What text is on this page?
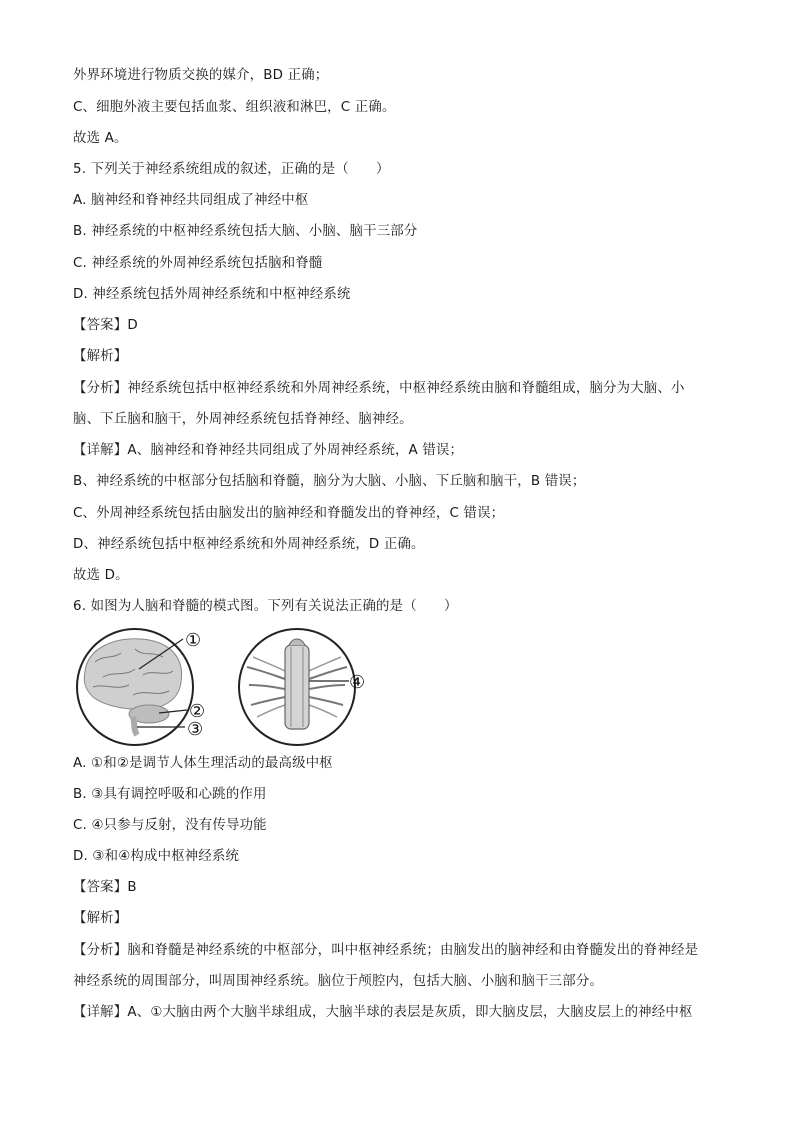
外界环境进行物质交换的媒介，BD 正确；
C、细胞外液主要包括血浆、组织液和淋巴，C 正确。
故选 A。
5. 下列关于神经系统组成的叙述，正确的是（　　）
A. 脑神经和脊神经共同组成了神经中枢
B. 神经系统的中枢神经系统包括大脑、小脑、脑干三部分
C. 神经系统的外周神经系统包括脑和脊髓
D. 神经系统包括外周神经系统和中枢神经系统
【答案】D
【解析】
【分析】神经系统包括中枢神经系统和外周神经系统，中枢神经系统由脑和脊髓组成，脑分为大脑、小
脑、下丘脑和脑干，外周神经系统包括脊神经、脑神经。
【详解】A、脑神经和脊神经共同组成了外周神经系统，A 错误；
B、神经系统的中枢部分包括脑和脊髓，脑分为大脑、小脑、下丘脑和脑干，B 错误；
C、外周神经系统包括由脑发出的脑神经和脊髓发出的脊神经，C 错误；
D、神经系统包括中枢神经系统和外周神经系统，D 正确。
故选 D。
6. 如图为人脑和脊髓的模式图。下列有关说法正确的是（　　）
①
②
③
④
A. ①和②是调节人体生理活动的最高级中枢
B. ③具有调控呼吸和心跳的作用
C. ④只参与反射，没有传导功能
D. ③和④构成中枢神经系统
【答案】B
【解析】
【分析】脑和脊髓是神经系统的中枢部分，叫中枢神经系统；由脑发出的脑神经和由脊髓发出的脊神经是
神经系统的周围部分，叫周围神经系统。脑位于颅腔内，包括大脑、小脑和脑干三部分。
【详解】A、①大脑由两个大脑半球组成，大脑半球的表层是灰质，即大脑皮层，大脑皮层上的神经中枢
